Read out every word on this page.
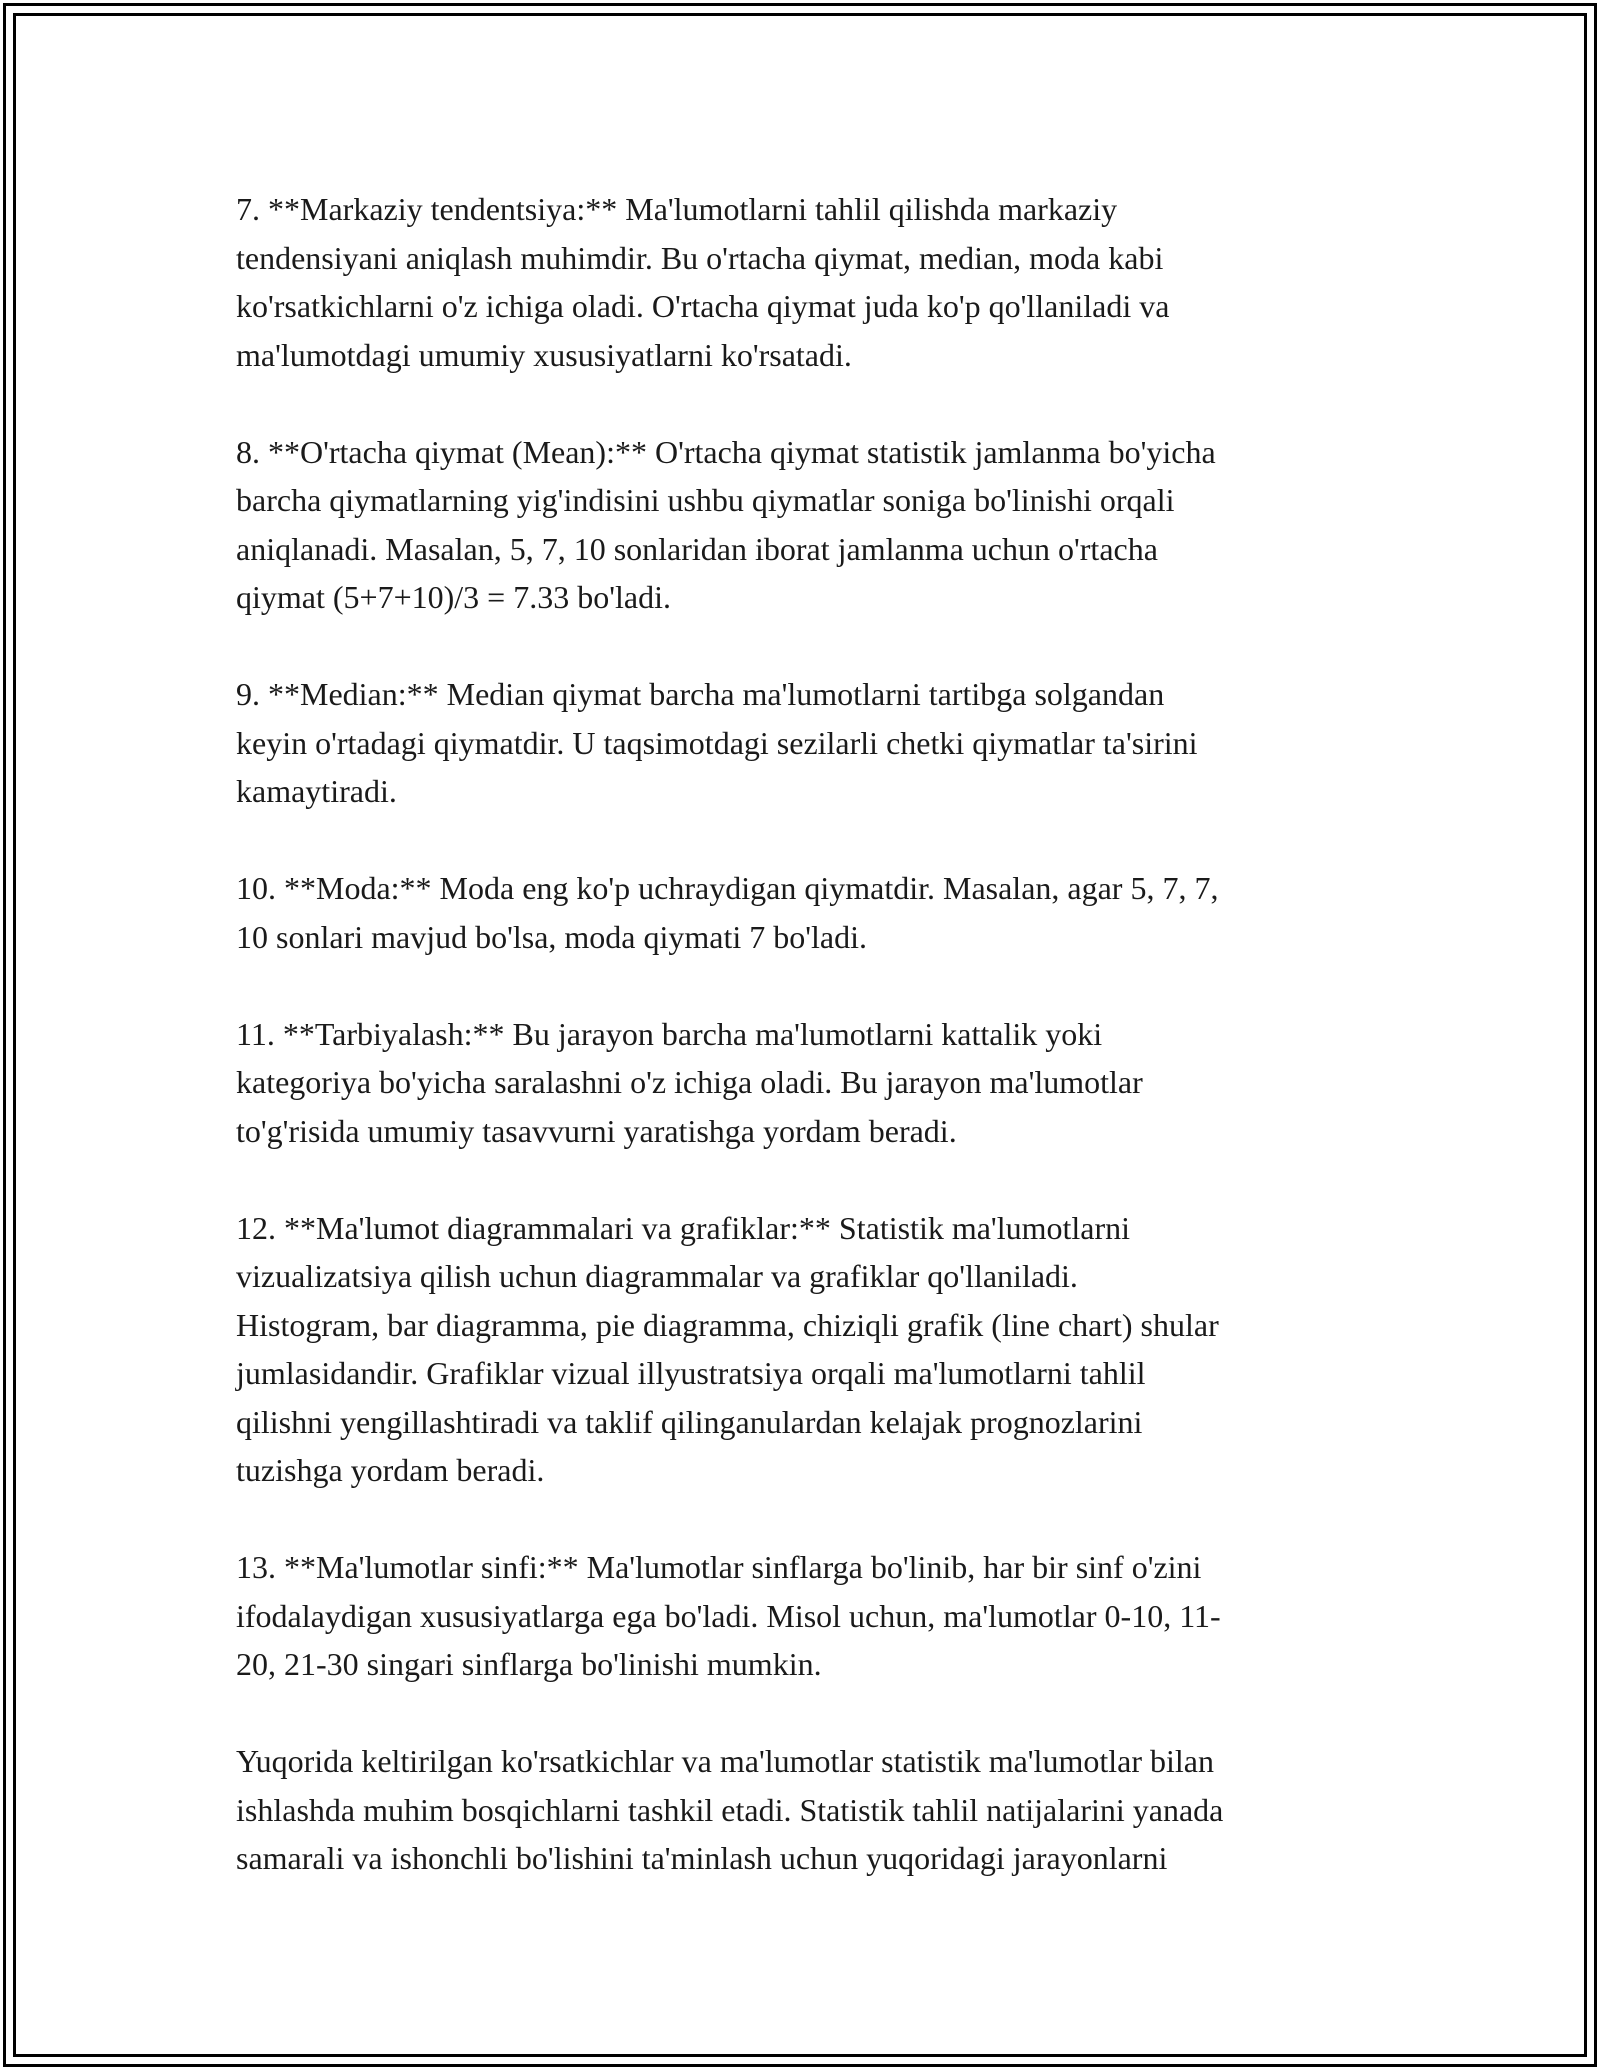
7. **Markaziy tendentsiya:** Ma'lumotlarni tahlil qilishda markaziy
tendensiyani aniqlash muhimdir. Bu o'rtacha qiymat, median, moda kabi
ko'rsatkichlarni o'z ichiga oladi. O'rtacha qiymat juda ko'p qo'llaniladi va
ma'lumotdagi umumiy xususiyatlarni ko'rsatadi.

8. **O'rtacha qiymat (Mean):** O'rtacha qiymat statistik jamlanma bo'yicha
barcha qiymatlarning yig'indisini ushbu qiymatlar soniga bo'linishi orqali
aniqlanadi. Masalan, 5, 7, 10 sonlaridan iborat jamlanma uchun o'rtacha
qiymat (5+7+10)/3 = 7.33 bo'ladi.

9. **Median:** Median qiymat barcha ma'lumotlarni tartibga solgandan
keyin o'rtadagi qiymatdir. U taqsimotdagi sezilarli chetki qiymatlar ta'sirini
kamaytiradi.

10. **Moda:** Moda eng ko'p uchraydigan qiymatdir. Masalan, agar 5, 7, 7,
10 sonlari mavjud bo'lsa, moda qiymati 7 bo'ladi.

11. **Tarbiyalash:** Bu jarayon barcha ma'lumotlarni kattalik yoki
kategoriya bo'yicha saralashni o'z ichiga oladi. Bu jarayon ma'lumotlar
to'g'risida umumiy tasavvurni yaratishga yordam beradi.

12. **Ma'lumot diagrammalari va grafiklar:** Statistik ma'lumotlarni
vizualizatsiya qilish uchun diagrammalar va grafiklar qo'llaniladi.
Histogram, bar diagramma, pie diagramma, chiziqli grafik (line chart) shular
jumlasidandir. Grafiklar vizual illyustratsiya orqali ma'lumotlarni tahlil
qilishni yengillashtiradi va taklif qilinganulardan kelajak prognozlarini
tuzishga yordam beradi.

13. **Ma'lumotlar sinfi:** Ma'lumotlar sinflarga bo'linib, har bir sinf o'zini
ifodalaydigan xususiyatlarga ega bo'ladi. Misol uchun, ma'lumotlar 0-10, 11-
20, 21-30 singari sinflarga bo'linishi mumkin.

Yuqorida keltirilgan ko'rsatkichlar va ma'lumotlar statistik ma'lumotlar bilan
ishlashda muhim bosqichlarni tashkil etadi. Statistik tahlil natijalarini yanada
samarali va ishonchli bo'lishini ta'minlash uchun yuqoridagi jarayonlarni
